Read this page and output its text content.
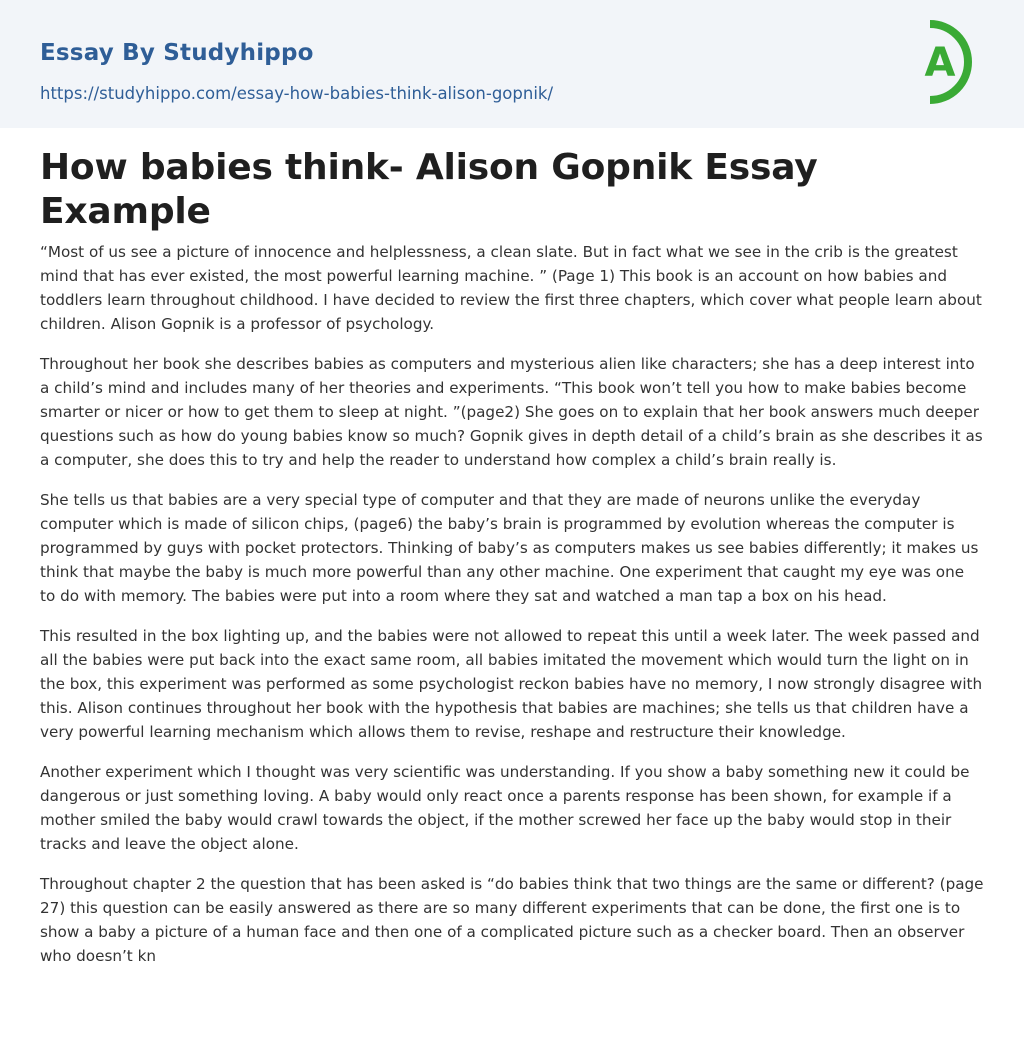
Essay By Studyhippo
https://studyhippo.com/essay-how-babies-think-alison-gopnik/
A
How babies think- Alison Gopnik Essay Example

“Most of us see a picture of innocence and helplessness, a clean slate. But in fact what we see in the crib is the greatest mind that has ever existed, the most powerful learning machine. ” (Page 1) This book is an account on how babies and toddlers learn throughout childhood. I have decided to review the first three chapters, which cover what people learn about children. Alison Gopnik is a professor of psychology.

Throughout her book she describes babies as computers and mysterious alien like characters; she has a deep interest into a child’s mind and includes many of her theories and experiments. “This book won’t tell you how to make babies become smarter or nicer or how to get them to sleep at night. ”(page2) She goes on to explain that her book answers much deeper questions such as how do young babies know so much? Gopnik gives in depth detail of a child’s brain as she describes it as a computer, she does this to try and help the reader to understand how complex a child’s brain really is.

She tells us that babies are a very special type of computer and that they are made of neurons unlike the everyday computer which is made of silicon chips, (page6) the baby’s brain is programmed by evolution whereas the computer is programmed by guys with pocket protectors. Thinking of baby’s as computers makes us see babies differently; it makes us think that maybe the baby is much more powerful than any other machine. One experiment that caught my eye was one to do with memory. The babies were put into a room where they sat and watched a man tap a box on his head.

This resulted in the box lighting up, and the babies were not allowed to repeat this until a week later. The week passed and all the babies were put back into the exact same room, all babies imitated the movement which would turn the light on in the box, this experiment was performed as some psychologist reckon babies have no memory, I now strongly disagree with this. Alison continues throughout her book with the hypothesis that babies are machines; she tells us that children have a very powerful learning mechanism which allows them to revise, reshape and restructure their knowledge.

Another experiment which I thought was very scientific was understanding. If you show a baby something new it could be dangerous or just something loving. A baby would only react once a parents response has been shown, for example if a mother smiled the baby would crawl towards the object, if the mother screwed her face up the baby would stop in their tracks and leave the object alone.

Throughout chapter 2 the question that has been asked is “do babies think that two things are the same or different? (page 27) this question can be easily answered as there are so many different experiments that can be done, the first one is to show a baby a picture of a human face and then one of a complicated picture such as a checker board. Then an observer who doesn’t kn
